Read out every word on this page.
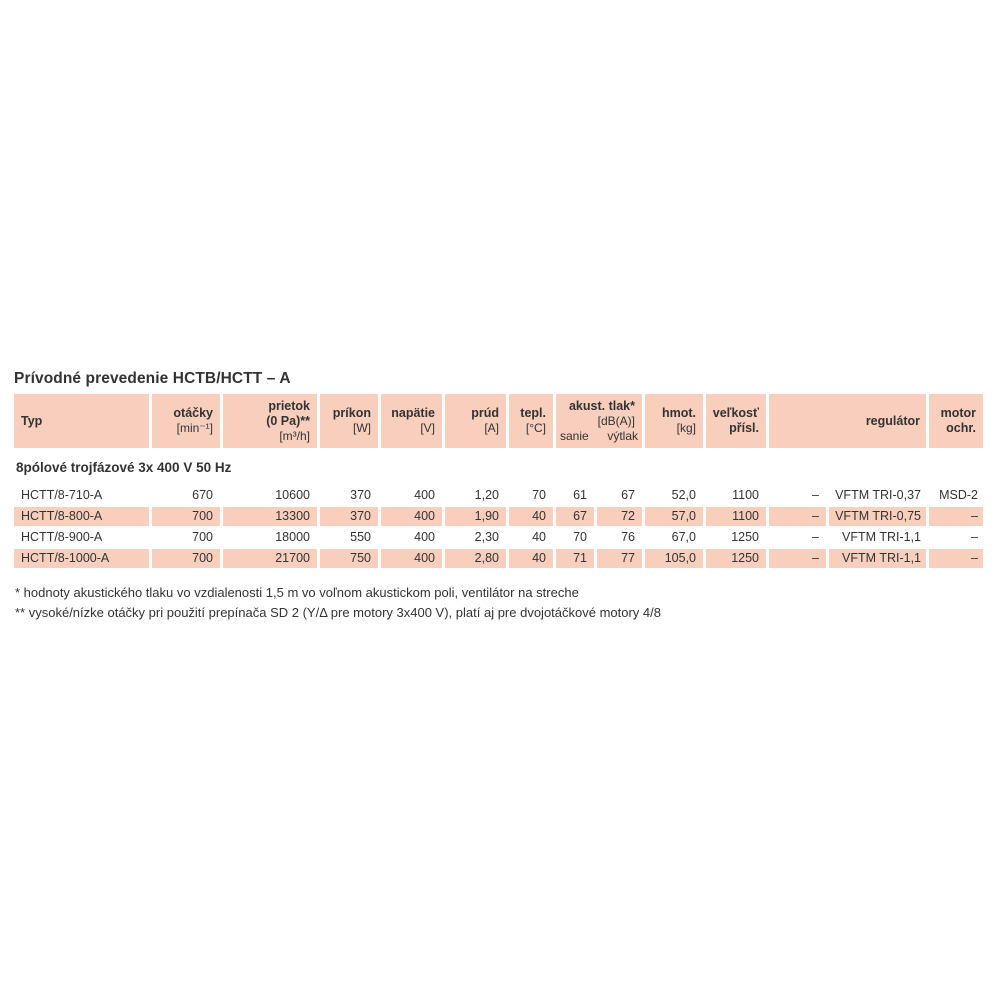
Prívodné prevedenie HCTB/HCTT – A
Typ

otáčky
[min⁻¹]

prietok
(0 Pa)**
[m³/h]

príkon
[W]

napätie
[V]

prúd
[A]

tepl.
[°C]

akust. tlak*
[dB(A)]
sanie výtlak

hmot.
[kg]

veľkosť
přísl.

regulátor

motor
ochr.

8pólové trojfázové 3x 400 V 50 Hz													
HCTT/8-710-A	670	10600	370	400	1,20	70	61	67	52,0	1100	–	VFTM TRI-0,37	MSD-2
HCTT/8-800-A	700	13300	370	400	1,90	40	67	72	57,0	1100	–	VFTM TRI-0,75	–
HCTT/8-900-A	700	18000	550	400	2,30	40	70	76	67,0	1250	–	VFTM TRI-1,1	–
HCTT/8-1000-A	700	21700	750	400	2,80	40	71	77	105,0	1250	–	VFTM TRI-1,1	–
* hodnoty akustického tlaku vo vzdialenosti 1,5 m vo voľnom akustickom poli, ventilátor na streche
** vysoké/nízke otáčky pri použití prepínača SD 2 (Y/Δ pre motory 3x400 V), platí aj pre dvojotáčkové motory 4/8
